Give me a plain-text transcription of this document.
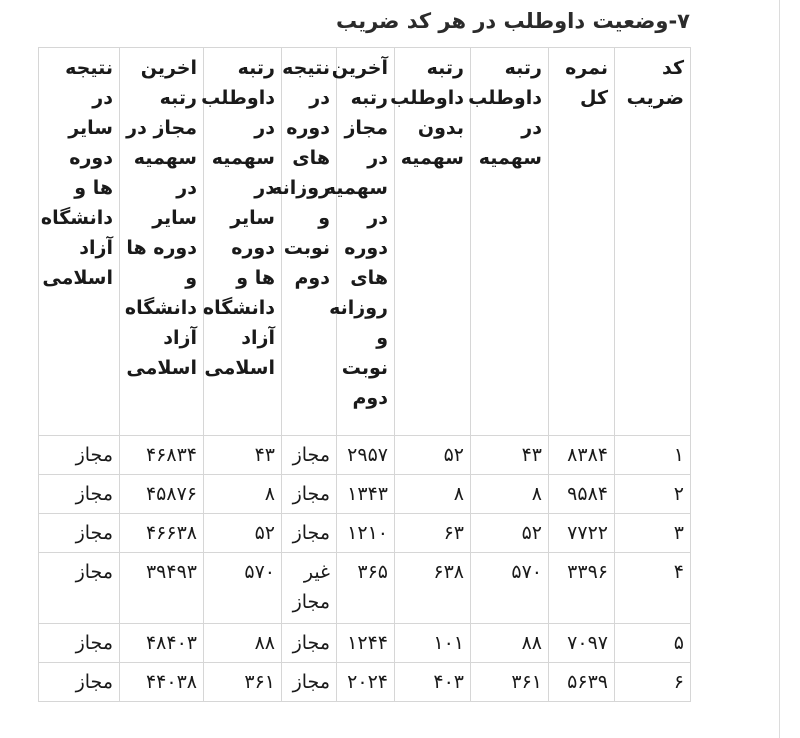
۷-وضعیت داوطلب در هر کد ضریب
کد ضریب	نمره کل	رتبه داوطلب در سهمیه	رتبه داوطلب بدون سهمیه	آخرین رتبه مجاز در سهمیه در دوره های روزانه و نوبت دوم	نتیجه در دوره های روزانه و نوبت دوم	رتبه داوطلب در سهمیه در سایر دوره ها و دانشگاه آزاد اسلامی	اخرین رتبه مجاز در سهمیه در سایر دوره ها و دانشگاه آزاد اسلامی	نتیجه در سایر دوره ها و دانشگاه آزاد اسلامی
۱	۸۳۸۴	۴۳	۵۲	۲۹۵۷	مجاز	۴۳	۴۶۸۳۴	مجاز
۲	۹۵۸۴	۸	۸	۱۳۴۳	مجاز	۸	۴۵۸۷۶	مجاز
۳	۷۷۲۲	۵۲	۶۳	۱۲۱۰	مجاز	۵۲	۴۶۶۳۸	مجاز
۴	۳۳۹۶	۵۷۰	۶۳۸	۳۶۵	غیر مجاز	۵۷۰	۳۹۴۹۳	مجاز
۵	۷۰۹۷	۸۸	۱۰۱	۱۲۴۴	مجاز	۸۸	۴۸۴۰۳	مجاز
۶	۵۶۳۹	۳۶۱	۴۰۳	۲۰۲۴	مجاز	۳۶۱	۴۴۰۳۸	مجاز
